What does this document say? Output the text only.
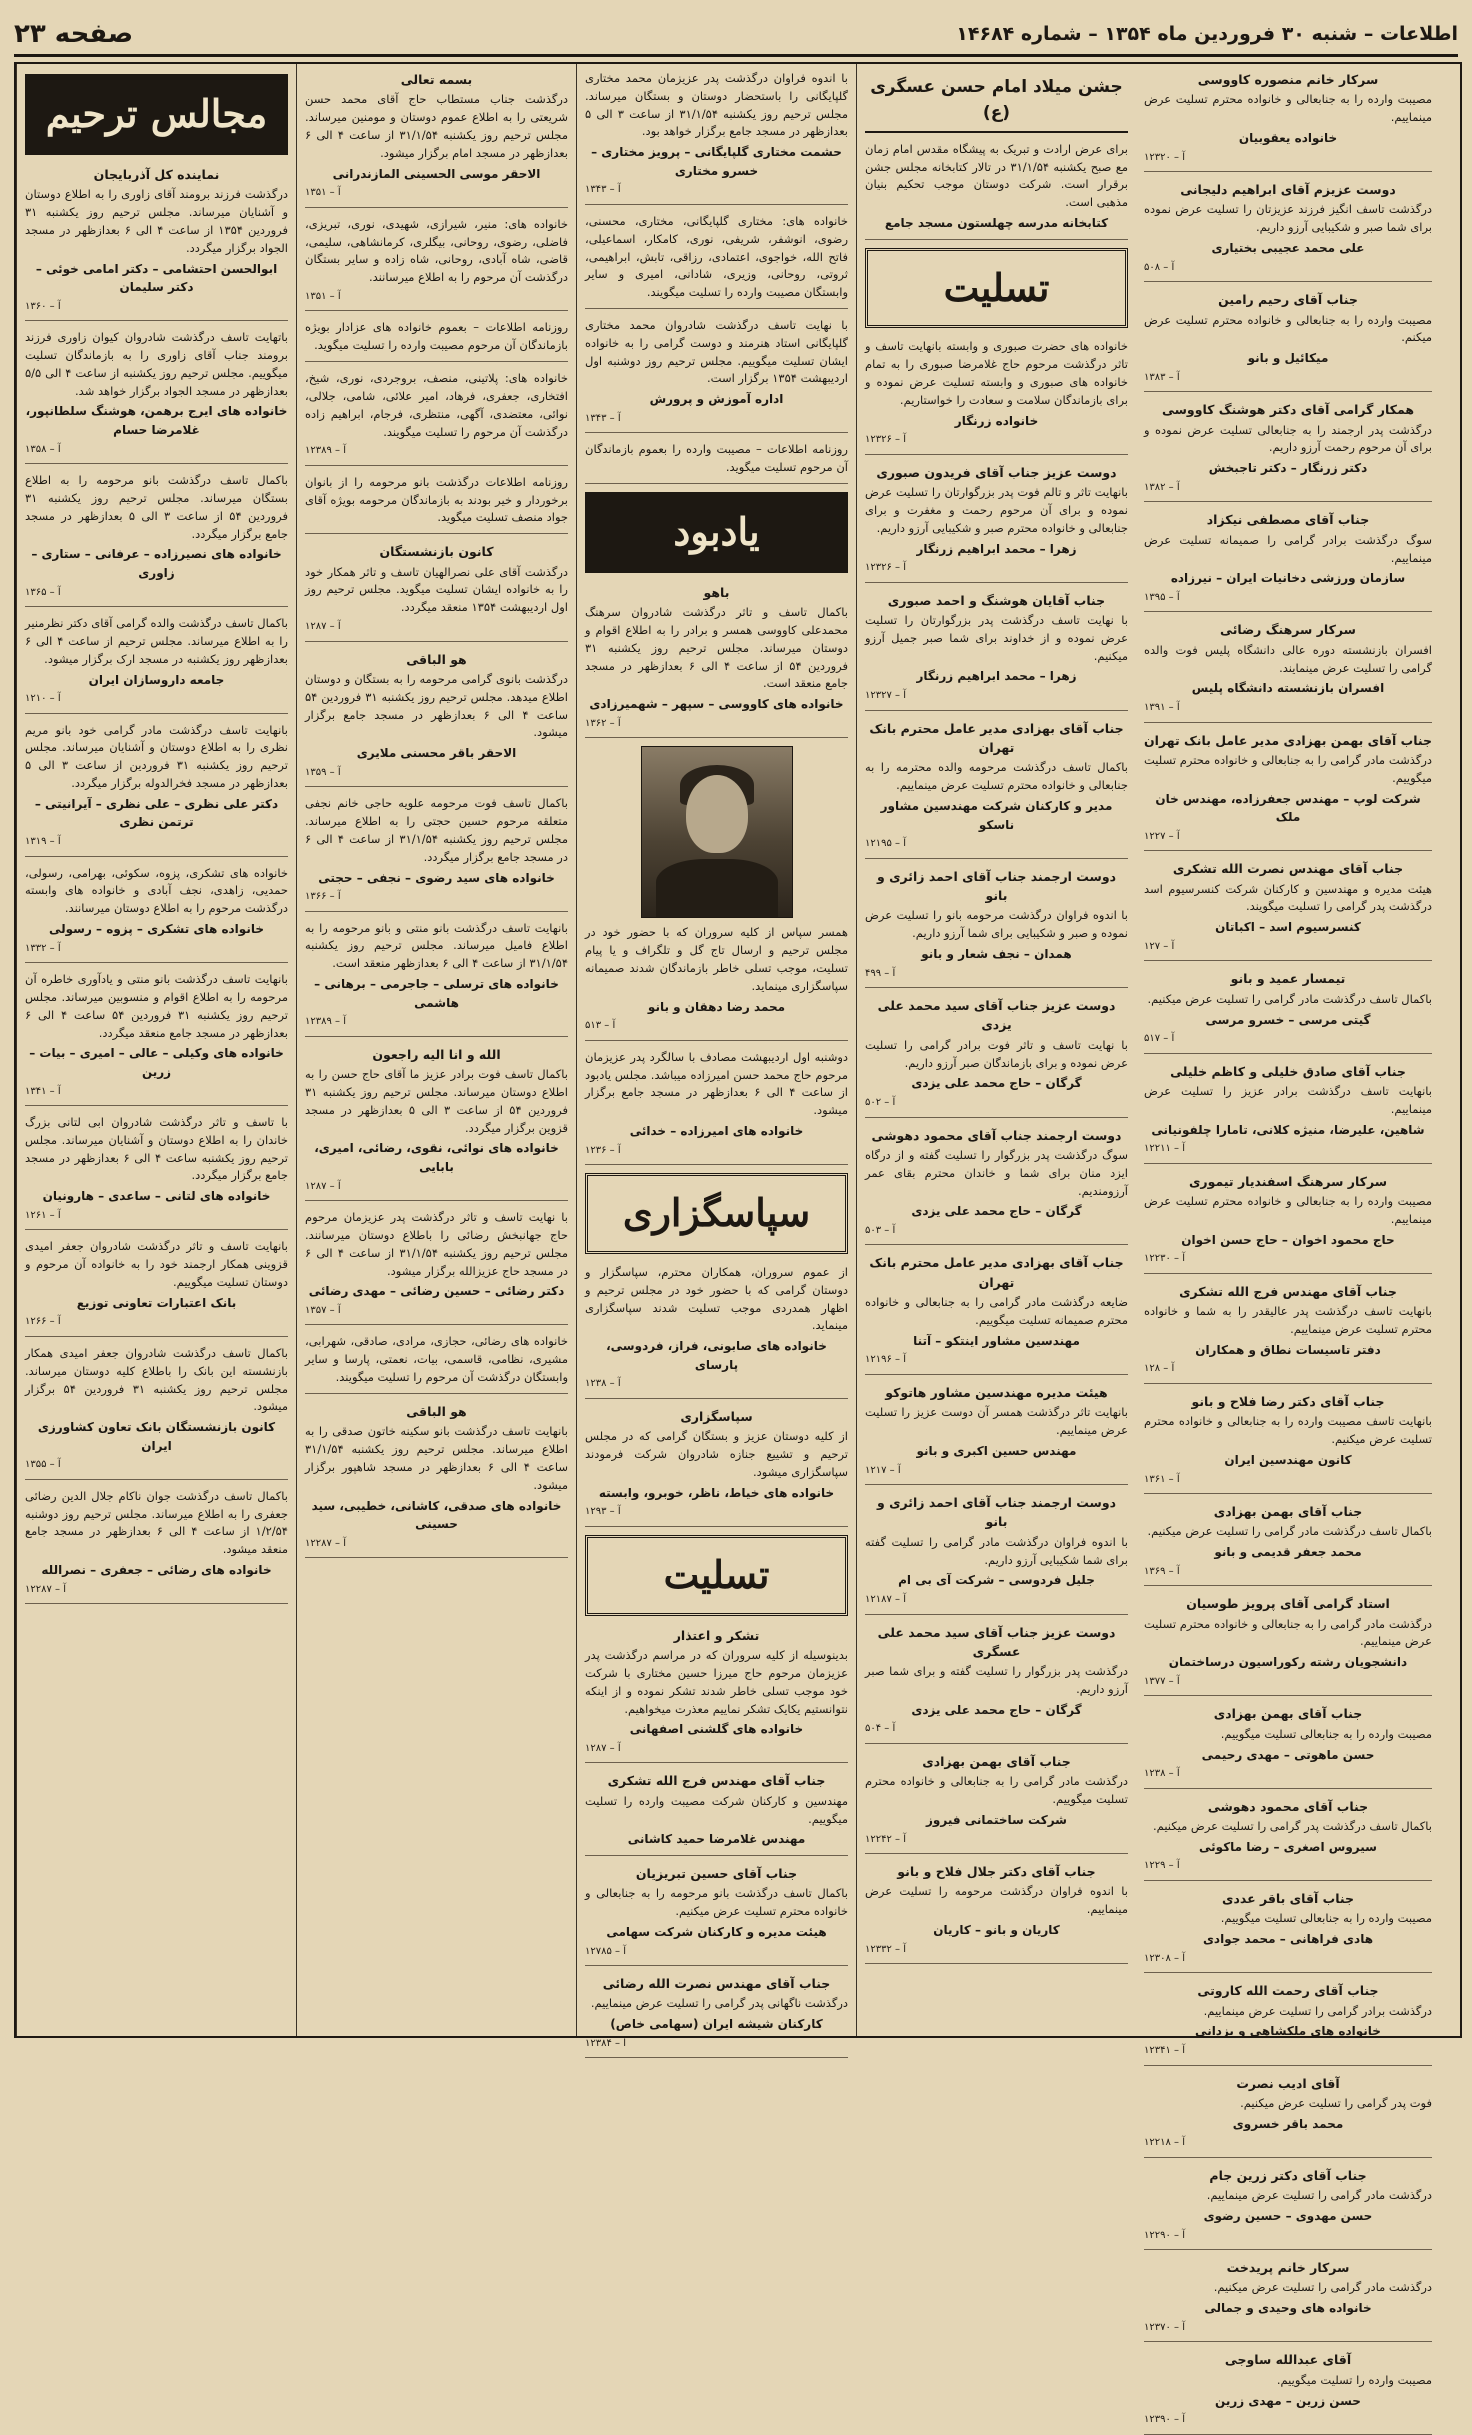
اطلاعات – شنبه ۳۰ فروردین ماه ۱۳۵۴ – شماره ۱۴۶۸۴
صفحه ۲۳
مجالس ترحیم
نماینده کل آذربایجان

درگذشت فرزند برومند آقای زاوری را به اطلاع دوستان و آشنایان میرساند. مجلس ترحیم روز یکشنبه ۳۱ فروردین ۱۳۵۴ از ساعت ۴ الی ۶ بعدازظهر در مسجد الجواد برگزار میگردد.

ابوالحسن احتشامی – دکتر امامی خوئی – دکتر سلیمان
آ – ۱۳۶۰

باتهایت تاسف درگذشت شادروان کیوان زاوری فرزند برومند جناب آقای زاوری را به بازماندگان تسلیت میگوییم. مجلس ترحیم روز یکشنبه از ساعت ۴ الی ۵/۵ بعدازظهر در مسجد الجواد برگزار خواهد شد.

خانواده های ایرج برهمن، هوشنگ سلطانپور، غلامرضا حسام
آ – ۱۳۵۸

باکمال تاسف درگذشت بانو مرحومه را به اطلاع بستگان میرساند. مجلس ترحیم روز یکشنبه ۳۱ فروردین ۵۴ از ساعت ۳ الی ۵ بعدازظهر در مسجد جامع برگزار میگردد.

خانواده های نصیرزاده – عرفانی – ستاری – زاوری
آ – ۱۳۶۵

باکمال تاسف درگذشت والده گرامی آقای دکتر نظرمنیر را به اطلاع میرساند. مجلس ترحیم از ساعت ۴ الی ۶ بعدازظهر روز یکشنبه در مسجد ارک برگزار میشود.

جامعه داروسازان ایران
آ – ۱۲۱۰

بانهایت تاسف درگذشت مادر گرامی خود بانو مریم نظری را به اطلاع دوستان و آشنایان میرساند. مجلس ترحیم روز یکشنبه ۳۱ فروردین از ساعت ۳ الی ۵ بعدازظهر در مسجد فخرالدوله برگزار میگردد.

دکتر علی نظری – علی نظری – آیرانیتی – ترتمن نظری
آ – ۱۳۱۹

خانواده های تشکری، پزوه، سکوئی، بهرامی، رسولی، حمدیی، زاهدی، نجف آبادی و خانواده های وابسته درگذشت مرحوم را به اطلاع دوستان میرسانند.

خانواده های تشکری – پزوه – رسولی
آ – ۱۳۳۲

بانهایت تاسف درگذشت بانو منتی و یادآوری خاطره آن مرحومه را به اطلاع اقوام و منسوبین میرساند. مجلس ترحیم روز یکشنبه ۳۱ فروردین ۵۴ ساعت ۴ الی ۶ بعدازظهر در مسجد جامع منعقد میگردد.

خانواده های وکیلی – عالی – امیری – بیات – زرین
آ – ۱۳۴۱

با تاسف و تاثر درگذشت شادروان ابی لتانی بزرگ خاندان را به اطلاع دوستان و آشنایان میرساند. مجلس ترحیم روز یکشنبه ساعت ۴ الی ۶ بعدازظهر در مسجد جامع برگزار میگردد.

خانواده های لتانی – ساعدی – هارونیان
آ – ۱۲۶۱

بانهایت تاسف و تاثر درگذشت شادروان جعفر امیدی قزوینی همکار ارجمند خود را به خانواده آن مرحوم و دوستان تسلیت میگوییم.

بانک اعتبارات تعاونی توزیع
آ – ۱۲۶۶

باکمال تاسف درگذشت شادروان جعفر امیدی همکار بازنشسته این بانک را باطلاع کلیه دوستان میرساند. مجلس ترحیم روز یکشنبه ۳۱ فروردین ۵۴ برگزار میشود.

کانون بازنشستگان بانک تعاون کشاورزی ایران
آ – ۱۳۵۵

باکمال تاسف درگذشت جوان ناکام جلال الدین رضائی جعفری را به اطلاع میرساند. مجلس ترحیم روز دوشنبه ۱/۲/۵۴ از ساعت ۴ الی ۶ بعدازظهر در مسجد جامع منعقد میشود.

خانواده های رضائی – جعفری – نصرالله
آ – ۱۲۲۸۷
بسمه تعالی

درگذشت جناب مستطاب حاج آقای محمد حسن شریعتی را به اطلاع عموم دوستان و مومنین میرساند. مجلس ترحیم روز یکشنبه ۳۱/۱/۵۴ از ساعت ۴ الی ۶ بعدازظهر در مسجد امام برگزار میشود.

الاحقر موسی الحسینی المازندرانی
آ – ۱۳۵۱

خانواده های: منیر، شیرازی، شهیدی، نوری، تبریزی، فاضلی، رضوی، روحانی، بیگلری، کرمانشاهی، سلیمی، قاضی، شاه آبادی، روحانی، شاه زاده و سایر بستگان درگذشت آن مرحوم را به اطلاع میرسانند.

آ – ۱۳۵۱

روزنامه اطلاعات – بعموم خانواده های عزادار بویژه بازماندگان آن مرحوم مصیبت وارده را تسلیت میگوید.

خانواده های: پلاتینی، منصف، بروجردی، نوری، شیخ، افتخاری، جعفری، فرهاد، امیر علائی، شامی، جلالی، نوائی، معتضدی، آگهی، منتظری، فرجام، ابراهیم زاده درگذشت آن مرحوم را تسلیت میگویند.

آ – ۱۲۳۸۹

روزنامه اطلاعات درگذشت بانو مرحومه را از بانوان برخوردار و خیر بودند به بازماندگان مرحومه بویژه آقای جواد منصف تسلیت میگوید.

کانون بازنشستگان

درگذشت آقای علی نصرالهیان تاسف و تاثر همکار خود را به خانواده ایشان تسلیت میگوید. مجلس ترحیم روز اول اردیبهشت ۱۳۵۴ منعقد میگردد.

آ – ۱۲۸۷
هو الباقی

درگذشت بانوی گرامی مرحومه را به بستگان و دوستان اطلاع میدهد. مجلس ترحیم روز یکشنبه ۳۱ فروردین ۵۴ ساعت ۴ الی ۶ بعدازظهر در مسجد جامع برگزار میشود.

الاحقر باقر محسنی ملایری
آ – ۱۳۵۹

باکمال تاسف فوت مرحومه علویه حاجی خانم نجفی متعلقه مرحوم حسین حجتی را به اطلاع میرساند. مجلس ترحیم روز یکشنبه ۳۱/۱/۵۴ از ساعت ۴ الی ۶ در مسجد جامع برگزار میگردد.

خانواده های سید رضوی – نجفی – حجتی
آ – ۱۳۶۶

بانهایت تاسف درگذشت بانو منتی و بانو مرحومه را به اطلاع فامیل میرساند. مجلس ترحیم روز یکشنبه ۳۱/۱/۵۴ از ساعت ۴ الی ۶ بعدازظهر منعقد است.

خانواده های ترسلی – جاجرمی – برهانی – هاشمی
آ – ۱۲۳۸۹
الله و انا الیه راجعون

باکمال تاسف فوت برادر عزیز ما آقای حاج حسن را به اطلاع دوستان میرساند. مجلس ترحیم روز یکشنبه ۳۱ فروردین ۵۴ از ساعت ۳ الی ۵ بعدازظهر در مسجد قزوین برگزار میگردد.

خانواده های نوائی، نقوی، رضائی، امیری، بابایی
آ – ۱۲۸۷

با نهایت تاسف و تاثر درگذشت پدر عزیزمان مرحوم حاج جهانبخش رضائی را باطلاع دوستان میرسانند. مجلس ترحیم روز یکشنبه ۳۱/۱/۵۴ از ساعت ۴ الی ۶ در مسجد حاج عزیزالله برگزار میشود.

دکتر رضائی – حسین رضائی – مهدی رضائی
آ – ۱۳۵۷

خانواده های رضائی، حجازی، مرادی، صادقی، شهرابی، مشیری، نظامی، قاسمی، بیات، نعمتی، پارسا و سایر وابستگان درگذشت آن مرحوم را تسلیت میگویند.

هو الباقی

بانهایت تاسف درگذشت بانو سکینه خاتون صدقی را به اطلاع میرساند. مجلس ترحیم روز یکشنبه ۳۱/۱/۵۴ ساعت ۴ الی ۶ بعدازظهر در مسجد شاهپور برگزار میشود.

خانواده های صدقی، کاشانی، خطیبی، سید حسینی
آ – ۱۲۲۸۷

با اندوه فراوان درگذشت پدر عزیزمان محمد مختاری گلپایگانی را باستحضار دوستان و بستگان میرساند. مجلس ترحیم روز یکشنبه ۳۱/۱/۵۴ از ساعت ۳ الی ۵ بعدازظهر در مسجد جامع برگزار خواهد بود.

حشمت مختاری گلپایگانی – پرویز مختاری – خسرو مختاری
آ – ۱۳۴۳

خانواده های: مختاری گلپایگانی، مختاری، محسنی، رضوی، انوشفر، شریفی، نوری، کامکار، اسماعیلی، فاتح الله، خواجوی، اعتمادی، رزاقی، تابش، ابراهیمی، ثروتی، روحانی، وزیری، شادانی، امیری و سایر وابستگان مصیبت وارده را تسلیت میگویند.

با نهایت تاسف درگذشت شادروان محمد مختاری گلپایگانی استاد هنرمند و دوست گرامی را به خانواده ایشان تسلیت میگوییم. مجلس ترحیم روز دوشنبه اول اردیبهشت ۱۳۵۴ برگزار است.

اداره آموزش و پرورش
آ – ۱۳۴۳

روزنامه اطلاعات – مصیبت وارده را بعموم بازماندگان آن مرحوم تسلیت میگوید.

یادبود
باهو

باکمال تاسف و تاثر درگذشت شادروان سرهنگ محمدعلی کاووسی همسر و برادر را به اطلاع اقوام و دوستان میرساند. مجلس ترحیم روز یکشنبه ۳۱ فروردین ۵۴ از ساعت ۴ الی ۶ بعدازظهر در مسجد جامع منعقد است.

خانواده های کاووسی – سپهر – شهمیرزادی
آ – ۱۳۶۲

همسر سپاس از کلیه سروران که با حضور خود در مجلس ترحیم و ارسال تاج گل و تلگراف و یا پیام تسلیت، موجب تسلی خاطر بازماندگان شدند صمیمانه سپاسگزاری مینماید.

محمد رضا دهقان و بانو
آ – ۵۱۳

دوشنبه اول اردیبهشت مصادف با سالگرد پدر عزیزمان مرحوم حاج محمد حسن امیرزاده میباشد. مجلس یادبود از ساعت ۴ الی ۶ بعدازظهر در مسجد جامع برگزار میشود.

خانواده های امیرزاده – خدائی
آ – ۱۲۳۶
سپاسگزاری

از عموم سروران، همکاران محترم، سپاسگزار و دوستان گرامی که با حضور خود در مجلس ترحیم و اظهار همدردی موجب تسلیت شدند سپاسگزاری مینماید.

خانواده های صابونی، فراز، فردوسی، پارسای
آ – ۱۲۳۸
سپاسگزاری

از کلیه دوستان عزیز و بستگان گرامی که در مجلس ترحیم و تشییع جنازه شادروان شرکت فرمودند سپاسگزاری میشود.

خانواده های خیاط، ناظر، خوبرو، وابسته
آ – ۱۲۹۳
تسلیت
تشکر و اعتذار

بدینوسیله از کلیه سروران که در مراسم درگذشت پدر عزیزمان مرحوم حاج میرزا حسین مختاری با شرکت خود موجب تسلی خاطر شدند تشکر نموده و از اینکه نتوانستیم یکایک تشکر نماییم معذرت میخواهیم.

خانواده های گلشنی اصفهانی
آ – ۱۲۸۷
جناب آقای مهندس فرج الله تشکری

مهندسین و کارکنان شرکت مصیبت وارده را تسلیت میگوییم.

مهندس غلامرضا حمید کاشانی
جناب آقای حسین تبریزیان

باکمال تاسف درگذشت بانو مرحومه را به جنابعالی و خانواده محترم تسلیت عرض میکنیم.

هیئت مدیره و کارکنان شرکت سهامی
آ – ۱۲۷۸۵
جناب آقای مهندس نصرت الله رضائی

درگذشت ناگهانی پدر گرامی را تسلیت عرض مینماییم.

کارکنان شیشه ایران (سهامی خاص)
آ – ۱۲۳۸۴
جشن میلاد امام حسن عسگری (ع)

برای عرض ارادت و تبریک به پیشگاه مقدس امام زمان مع صبح یکشنبه ۳۱/۱/۵۴ در تالار کتابخانه مجلس جشن برقرار است. شرکت دوستان موجب تحکیم بنیان مذهبی است.

کتابخانه مدرسه چهلستون مسجد جامع
تسلیت

خانواده های حضرت صبوری و وابسته بانهایت تاسف و تاثر درگذشت مرحوم حاج غلامرضا صبوری را به تمام خانواده های صبوری و وابسته تسلیت عرض نموده و برای بازماندگان سلامت و سعادت را خواستاریم.

خانواده زرنگار
آ – ۱۲۳۲۶
دوست عزیز جناب آقای فریدون صبوری

بانهایت تاثر و تالم فوت پدر بزرگوارتان را تسلیت عرض نموده و برای آن مرحوم رحمت و مغفرت و برای جنابعالی و خانواده محترم صبر و شکیبایی آرزو داریم.

زهرا – محمد ابراهیم زرنگار
آ – ۱۲۳۲۶
جناب آقایان هوشنگ و احمد صبوری

با نهایت تاسف درگذشت پدر بزرگوارتان را تسلیت عرض نموده و از خداوند برای شما صبر جمیل آرزو میکنیم.

زهرا – محمد ابراهیم زرنگار
آ – ۱۲۳۲۷
جناب آقای بهزادی مدیر عامل محترم بانک تهران

باکمال تاسف درگذشت مرحومه والده محترمه را به جنابعالی و خانواده محترم تسلیت عرض مینماییم.

مدیر و کارکنان شرکت مهندسین مشاور ناسکو
آ – ۱۲۱۹۵
دوست ارجمند جناب آقای احمد زائری و بانو

با اندوه فراوان درگذشت مرحومه بانو را تسلیت عرض نموده و صبر و شکیبایی برای شما آرزو داریم.

همدان – نجف شعار و بانو
آ – ۴۹۹
دوست عزیز جناب آقای سید محمد علی یزدی

با نهایت تاسف و تاثر فوت برادر گرامی را تسلیت عرض نموده و برای بازماندگان صبر آرزو داریم.

گرگان – حاج محمد علی یزدی
آ – ۵۰۲
دوست ارجمند جناب آقای محمود دهوشی

سوگ درگذشت پدر بزرگوار را تسلیت گفته و از درگاه ایزد منان برای شما و خاندان محترم بقای عمر آرزومندیم.

گرگان – حاج محمد علی یزدی
آ – ۵۰۳
جناب آقای بهزادی مدیر عامل محترم بانک تهران

ضایعه درگذشت مادر گرامی را به جنابعالی و خانواده محترم صمیمانه تسلیت میگوییم.

مهندسین مشاور اینتکو – آتنا
آ – ۱۲۱۹۶
هیئت مدیره مهندسین مشاور هاتوکو

بانهایت تاثر درگذشت همسر آن دوست عزیز را تسلیت عرض مینماییم.

مهندس حسین اکبری و بانو
آ – ۱۲۱۷
دوست ارجمند جناب آقای احمد زائری و بانو

با اندوه فراوان درگذشت مادر گرامی را تسلیت گفته برای شما شکیبایی آرزو داریم.

جلیل فردوسی – شرکت آی بی ام
آ – ۱۲۱۸۷
دوست عزیز جناب آقای سید محمد علی عسگری

درگذشت پدر بزرگوار را تسلیت گفته و برای شما صبر آرزو داریم.

گرگان – حاج محمد علی یزدی
آ – ۵۰۴
جناب آقای بهمن بهزادی

درگذشت مادر گرامی را به جنابعالی و خانواده محترم تسلیت میگوییم.

شرکت ساختمانی فیروز
آ – ۱۲۲۴۲
جناب آقای دکتر جلال فلاح و بانو

با اندوه فراوان درگذشت مرحومه را تسلیت عرض مینماییم.

کاریان و بانو – کاریان
آ – ۱۲۳۳۲
سرکار خانم منصوره کاووسی

مصیبت وارده را به جنابعالی و خانواده محترم تسلیت عرض مینماییم.

خانواده یعقوبیان
آ – ۱۲۳۲۰
دوست عزیزم آقای ابراهیم دلیجانی

درگذشت تاسف انگیز فرزند عزیزتان را تسلیت عرض نموده برای شما صبر و شکیبایی آرزو داریم.

علی محمد عجیبی بختیاری
آ – ۵۰۸
جناب آقای رحیم رامین

مصیبت وارده را به جنابعالی و خانواده محترم تسلیت عرض میکنم.

میکائیل و بانو
آ – ۱۳۸۳
همکار گرامی آقای دکتر هوشنگ کاووسی

درگذشت پدر ارجمند را به جنابعالی تسلیت عرض نموده و برای آن مرحوم رحمت آرزو داریم.

دکتر زرنگار – دکتر تاجبخش
آ – ۱۳۸۲
جناب آقای مصطفی نیکزاد

سوگ درگذشت برادر گرامی را صمیمانه تسلیت عرض مینماییم.

سازمان ورزشی دخانیات ایران – نیرزاده
آ – ۱۳۹۵
سرکار سرهنگ رضائی

افسران بازنشسته دوره عالی دانشگاه پلیس فوت والده گرامی را تسلیت عرض مینمایند.

افسران بازنشسته دانشگاه پلیس
آ – ۱۳۹۱
جناب آقای بهمن بهزادی مدیر عامل بانک تهران

درگذشت مادر گرامی را به جنابعالی و خانواده محترم تسلیت میگوییم.

شرکت لوپ – مهندس جعفرزاده، مهندس خان ملک
آ – ۱۲۲۷
جناب آقای مهندس نصرت الله تشکری

هیئت مدیره و مهندسین و کارکنان شرکت کنسرسیوم اسد درگذشت پدر گرامی را تسلیت میگویند.

کنسرسیوم اسد – اکباتان
آ – ۱۲۷
تیمسار عمید و بانو

باکمال تاسف درگذشت مادر گرامی را تسلیت عرض میکنیم.

گیتی مرسی – خسرو مرسی
آ – ۵۱۷
جناب آقای صادق خلیلی و کاظم خلیلی

بانهایت تاسف درگذشت برادر عزیز را تسلیت عرض مینماییم.

شاهین، علیرضا، منیژه کلانی، تامارا چلفونیانی
آ – ۱۲۲۱۱
سرکار سرهنگ اسفندیار تیموری

مصیبت وارده را به جنابعالی و خانواده محترم تسلیت عرض مینماییم.

حاج محمود اخوان – حاج حسن اخوان
آ – ۱۲۲۳۰
جناب آقای مهندس فرج الله تشکری

بانهایت تاسف درگذشت پدر عالیقدر را به شما و خانواده محترم تسلیت عرض مینماییم.

دفتر تاسیسات نطاق و همکاران
آ – ۱۲۸
جناب آقای دکتر رضا فلاح و بانو

بانهایت تاسف مصیبت وارده را به جنابعالی و خانواده محترم تسلیت عرض میکنیم.

کانون مهندسین ایران
آ – ۱۳۶۱
جناب آقای بهمن بهزادی

باکمال تاسف درگذشت مادر گرامی را تسلیت عرض میکنیم.

محمد جعفر قدیمی و بانو
آ – ۱۳۶۹
استاد گرامی آقای پرویز طوسیان

درگذشت مادر گرامی را به جنابعالی و خانواده محترم تسلیت عرض مینماییم.

دانشجویان رشته رکوراسیون درساختمان
آ – ۱۳۷۷
جناب آقای بهمن بهزادی

مصیبت وارده را به جنابعالی تسلیت میگوییم.

حسن ماهوتی – مهدی رحیمی
آ – ۱۲۳۸
جناب آقای محمود دهوشی

باکمال تاسف درگذشت پدر گرامی را تسلیت عرض میکنیم.

سیروس اصغری – رضا ماکوئی
آ – ۱۲۲۹
جناب آقای باقر عددی

مصیبت وارده را به جنابعالی تسلیت میگوییم.

هادی فراهانی – محمد جوادی
آ – ۱۲۳۰۸
جناب آقای رحمت الله کاروتی

درگذشت برادر گرامی را تسلیت عرض مینماییم.

خانواده های ملکشاهی و یزدانی
آ – ۱۲۳۴۱
آقای ادیب نصرت

فوت پدر گرامی را تسلیت عرض میکنیم.

محمد باقر خسروی
آ – ۱۲۲۱۸
جناب آقای دکتر زرین جام

درگذشت مادر گرامی را تسلیت عرض مینماییم.

حسن مهدوی – حسین رضوی
آ – ۱۲۲۹۰
سرکار خانم پریدخت

درگذشت مادر گرامی را تسلیت عرض میکنیم.

خانواده های وحیدی و جمالی
آ – ۱۲۳۷۰
آقای عبدالله ساوجی

مصیبت وارده را تسلیت میگوییم.

حسن زرین – مهدی زرین
آ – ۱۲۳۹۰
